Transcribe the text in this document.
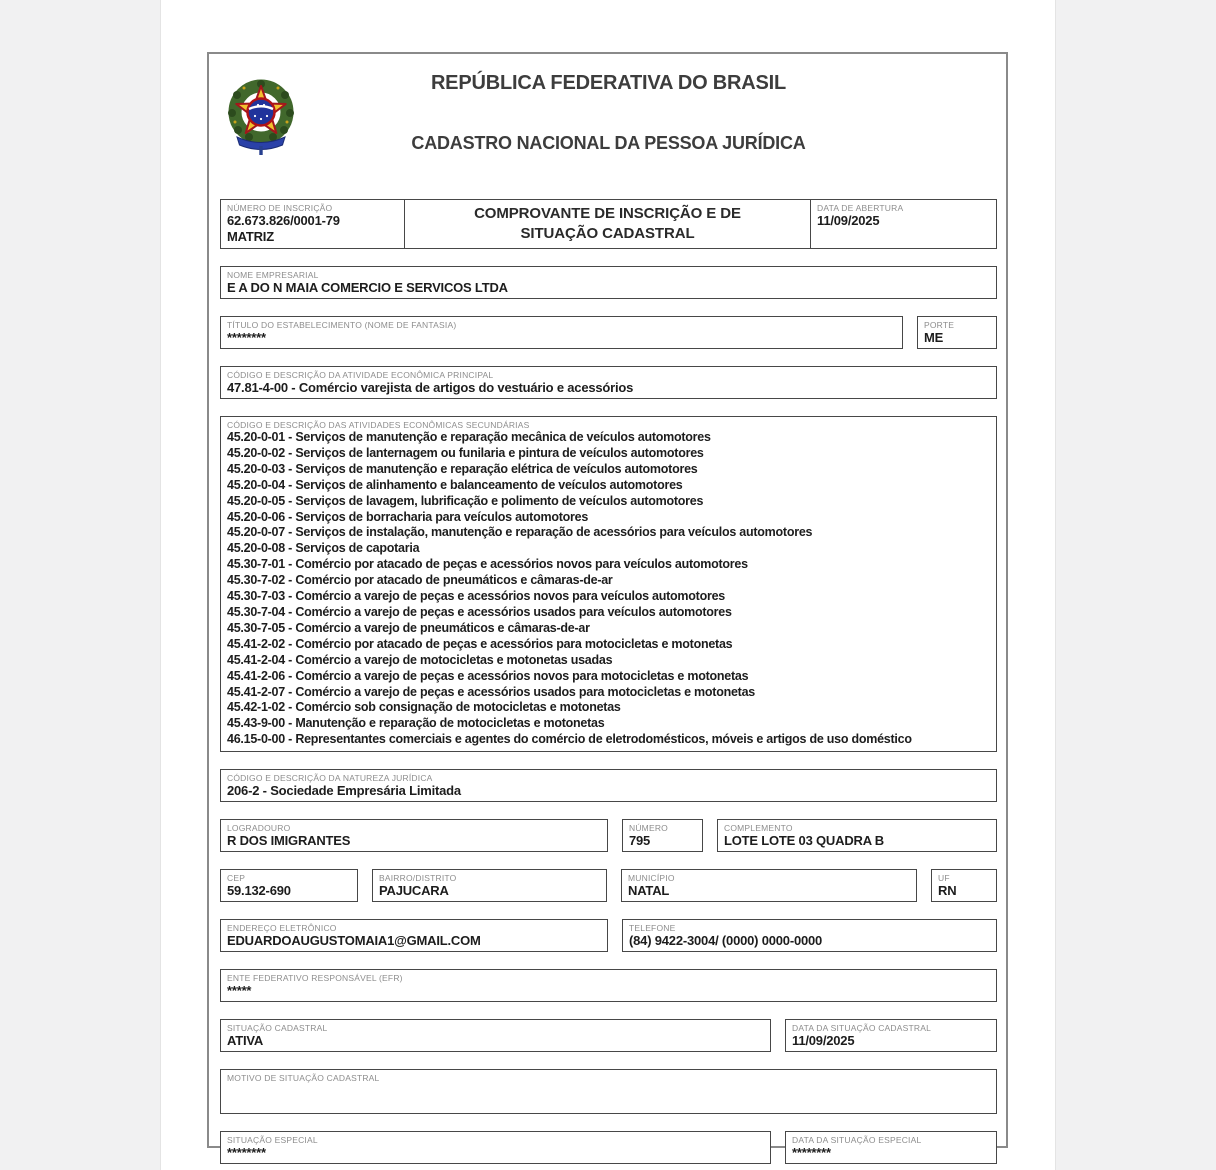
REPÚBLICA FEDERATIVA DO BRASIL
CADASTRO NACIONAL DA PESSOA JURÍDICA
NÚMERO DE INSCRIÇÃO
62.673.826/0001-79
MATRIZ
COMPROVANTE DE INSCRIÇÃO E DE SITUAÇÃO CADASTRAL
DATA DE ABERTURA
11/09/2025
NOME EMPRESARIAL
E A DO N MAIA COMERCIO E SERVICOS LTDA
TÍTULO DO ESTABELECIMENTO (NOME DE FANTASIA)
********
PORTE
ME
CÓDIGO E DESCRIÇÃO DA ATIVIDADE ECONÔMICA PRINCIPAL
47.81-4-00 - Comércio varejista de artigos do vestuário e acessórios
CÓDIGO E DESCRIÇÃO DAS ATIVIDADES ECONÔMICAS SECUNDÁRIAS
45.20-0-01 - Serviços de manutenção e reparação mecânica de veículos automotores
45.20-0-02 - Serviços de lanternagem ou funilaria e pintura de veículos automotores
45.20-0-03 - Serviços de manutenção e reparação elétrica de veículos automotores
45.20-0-04 - Serviços de alinhamento e balanceamento de veículos automotores
45.20-0-05 - Serviços de lavagem, lubrificação e polimento de veículos automotores
45.20-0-06 - Serviços de borracharia para veículos automotores
45.20-0-07 - Serviços de instalação, manutenção e reparação de acessórios para veículos automotores
45.20-0-08 - Serviços de capotaria
45.30-7-01 - Comércio por atacado de peças e acessórios novos para veículos automotores
45.30-7-02 - Comércio por atacado de pneumáticos e câmaras-de-ar
45.30-7-03 - Comércio a varejo de peças e acessórios novos para veículos automotores
45.30-7-04 - Comércio a varejo de peças e acessórios usados para veículos automotores
45.30-7-05 - Comércio a varejo de pneumáticos e câmaras-de-ar
45.41-2-02 - Comércio por atacado de peças e acessórios para motocicletas e motonetas
45.41-2-04 - Comércio a varejo de motocicletas e motonetas usadas
45.41-2-06 - Comércio a varejo de peças e acessórios novos para motocicletas e motonetas
45.41-2-07 - Comércio a varejo de peças e acessórios usados para motocicletas e motonetas
45.42-1-02 - Comércio sob consignação de motocicletas e motonetas
45.43-9-00 - Manutenção e reparação de motocicletas e motonetas
46.15-0-00 - Representantes comerciais e agentes do comércio de eletrodomésticos, móveis e artigos de uso doméstico
CÓDIGO E DESCRIÇÃO DA NATUREZA JURÍDICA
206-2 - Sociedade Empresária Limitada
LOGRADOURO
R DOS IMIGRANTES
NÚMERO
795
COMPLEMENTO
LOTE LOTE 03 QUADRA B
CEP
59.132-690
BAIRRO/DISTRITO
PAJUCARA
MUNICÍPIO
NATAL
UF
RN
ENDEREÇO ELETRÔNICO
EDUARDOAUGUSTOMAIA1@GMAIL.COM
TELEFONE
(84) 9422-3004/ (0000) 0000-0000
ENTE FEDERATIVO RESPONSÁVEL (EFR)
*****
SITUAÇÃO CADASTRAL
ATIVA
DATA DA SITUAÇÃO CADASTRAL
11/09/2025
MOTIVO DE SITUAÇÃO CADASTRAL
SITUAÇÃO ESPECIAL
********
DATA DA SITUAÇÃO ESPECIAL
********
